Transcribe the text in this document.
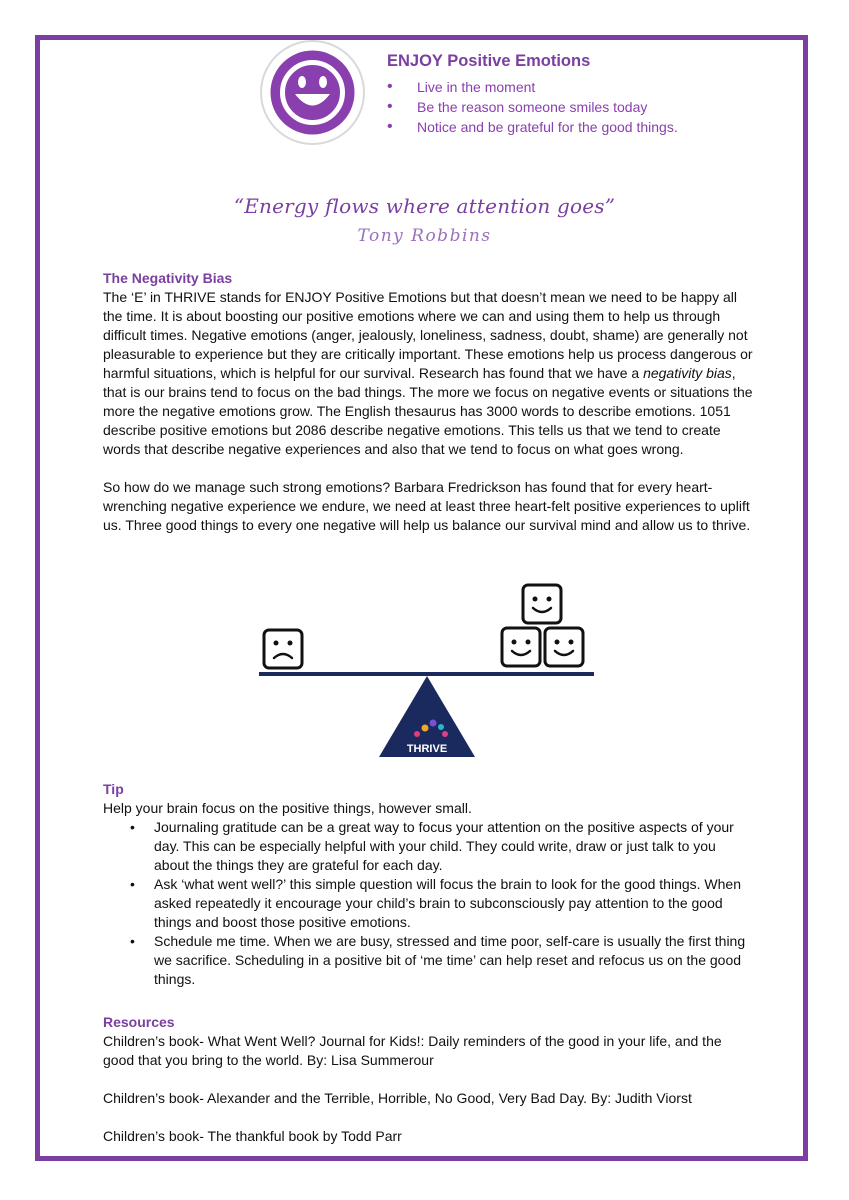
ENJOY Positive Emotions

• Live in the moment
• Be the reason someone smiles today
• Notice and be grateful for the good things.
“Energy flows where attention goes”
Tony Robbins

The Negativity Bias

The ‘E’ in THRIVE stands for ENJOY Positive Emotions but that doesn’t mean we need to be happy all the time. It is about boosting our positive emotions where we can and using them to help us through difficult times. Negative emotions (anger, jealously, loneliness, sadness, doubt, shame) are generally not pleasurable to experience but they are critically important. These emotions help us process dangerous or harmful situations, which is helpful for our survival. Research has found that we have a negativity bias, that is our brains tend to focus on the bad things. The more we focus on negative events or situations the more the negative emotions grow. The English thesaurus has 3000 words to describe emotions. 1051 describe positive emotions but 2086 describe negative emotions. This tells us that we tend to create words that describe negative experiences and also that we tend to focus on what goes wrong.

So how do we manage such strong emotions? Barbara Fredrickson has found that for every heart-wrenching negative experience we endure, we need at least three heart-felt positive experiences to uplift us. Three good things to every one negative will help us balance our survival mind and allow us to thrive.

THRIVE

Tip

Help your brain focus on the positive things, however small.

• Journaling gratitude can be a great way to focus your attention on the positive aspects of your day. This can be especially helpful with your child. They could write, draw or just talk to you about the things they are grateful for each day.
• Ask ‘what went well?’ this simple question will focus the brain to look for the good things. When asked repeatedly it encourage your child’s brain to subconsciously pay attention to the good things and boost those positive emotions.
• Schedule me time. When we are busy, stressed and time poor, self-care is usually the first thing we sacrifice. Scheduling in a positive bit of ‘me time’ can help reset and refocus us on the good things.

Resources

Children’s book- What Went Well? Journal for Kids!: Daily reminders of the good in your life, and the good that you bring to the world. By: Lisa Summerour

Children’s book- Alexander and the Terrible, Horrible, No Good, Very Bad Day. By: Judith Viorst

Children’s book- The thankful book by Todd Parr
